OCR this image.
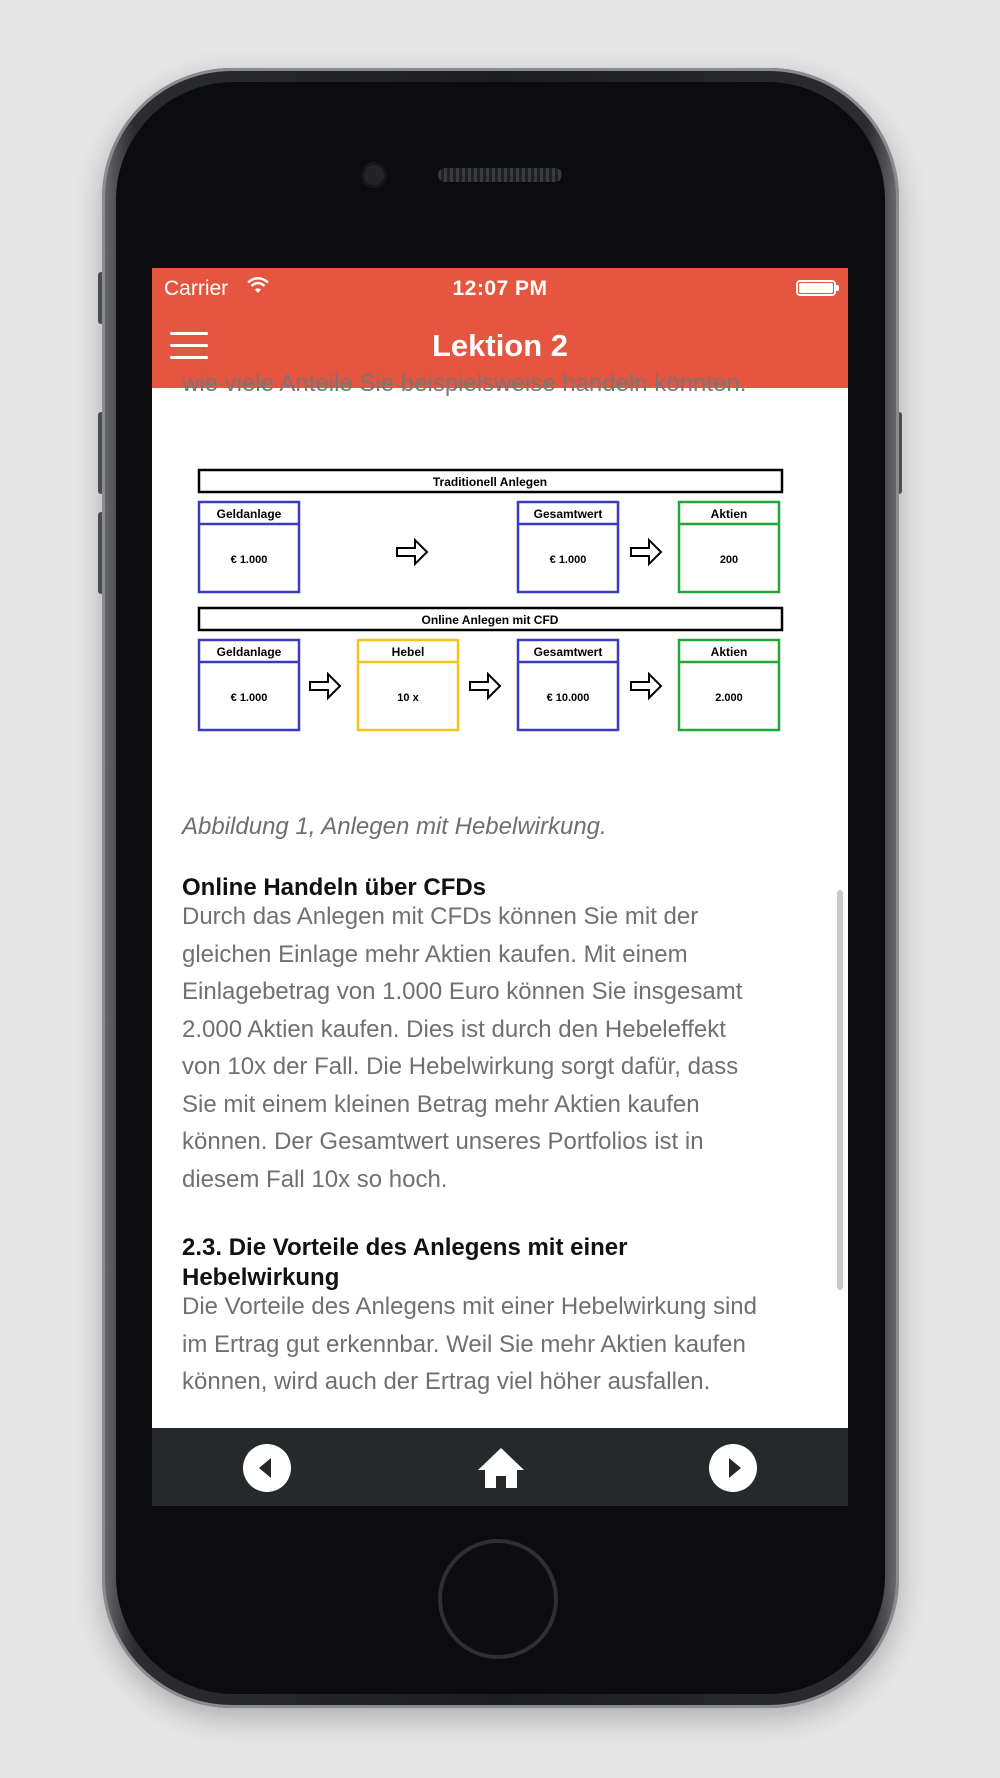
Carrier	12:07 PM
Lektion 2
wie viele Anteile Sie beispielsweise handeln könnten.
Traditionell Anlegen
Geldanlage
€ 1.000
Gesamtwert
€ 1.000
Aktien
200
Online Anlegen mit CFD
Geldanlage
€ 1.000
Hebel
10 x
Gesamtwert
€ 10.000
Aktien
2.000
Abbildung 1, Anlegen mit Hebelwirkung.
Online Handeln über CFDs
Durch das Anlegen mit CFDs können Sie mit der
gleichen Einlage mehr Aktien kaufen. Mit einem
Einlagebetrag von 1.000 Euro können Sie insgesamt
2.000 Aktien kaufen. Dies ist durch den Hebeleffekt
von 10x der Fall. Die Hebelwirkung sorgt dafür, dass
Sie mit einem kleinen Betrag mehr Aktien kaufen
können. Der Gesamtwert unseres Portfolios ist in
diesem Fall 10x so hoch.
2.3. Die Vorteile des Anlegens mit einer
Hebelwirkung
Die Vorteile des Anlegens mit einer Hebelwirkung sind
im Ertrag gut erkennbar. Weil Sie mehr Aktien kaufen
können, wird auch der Ertrag viel höher ausfallen.
